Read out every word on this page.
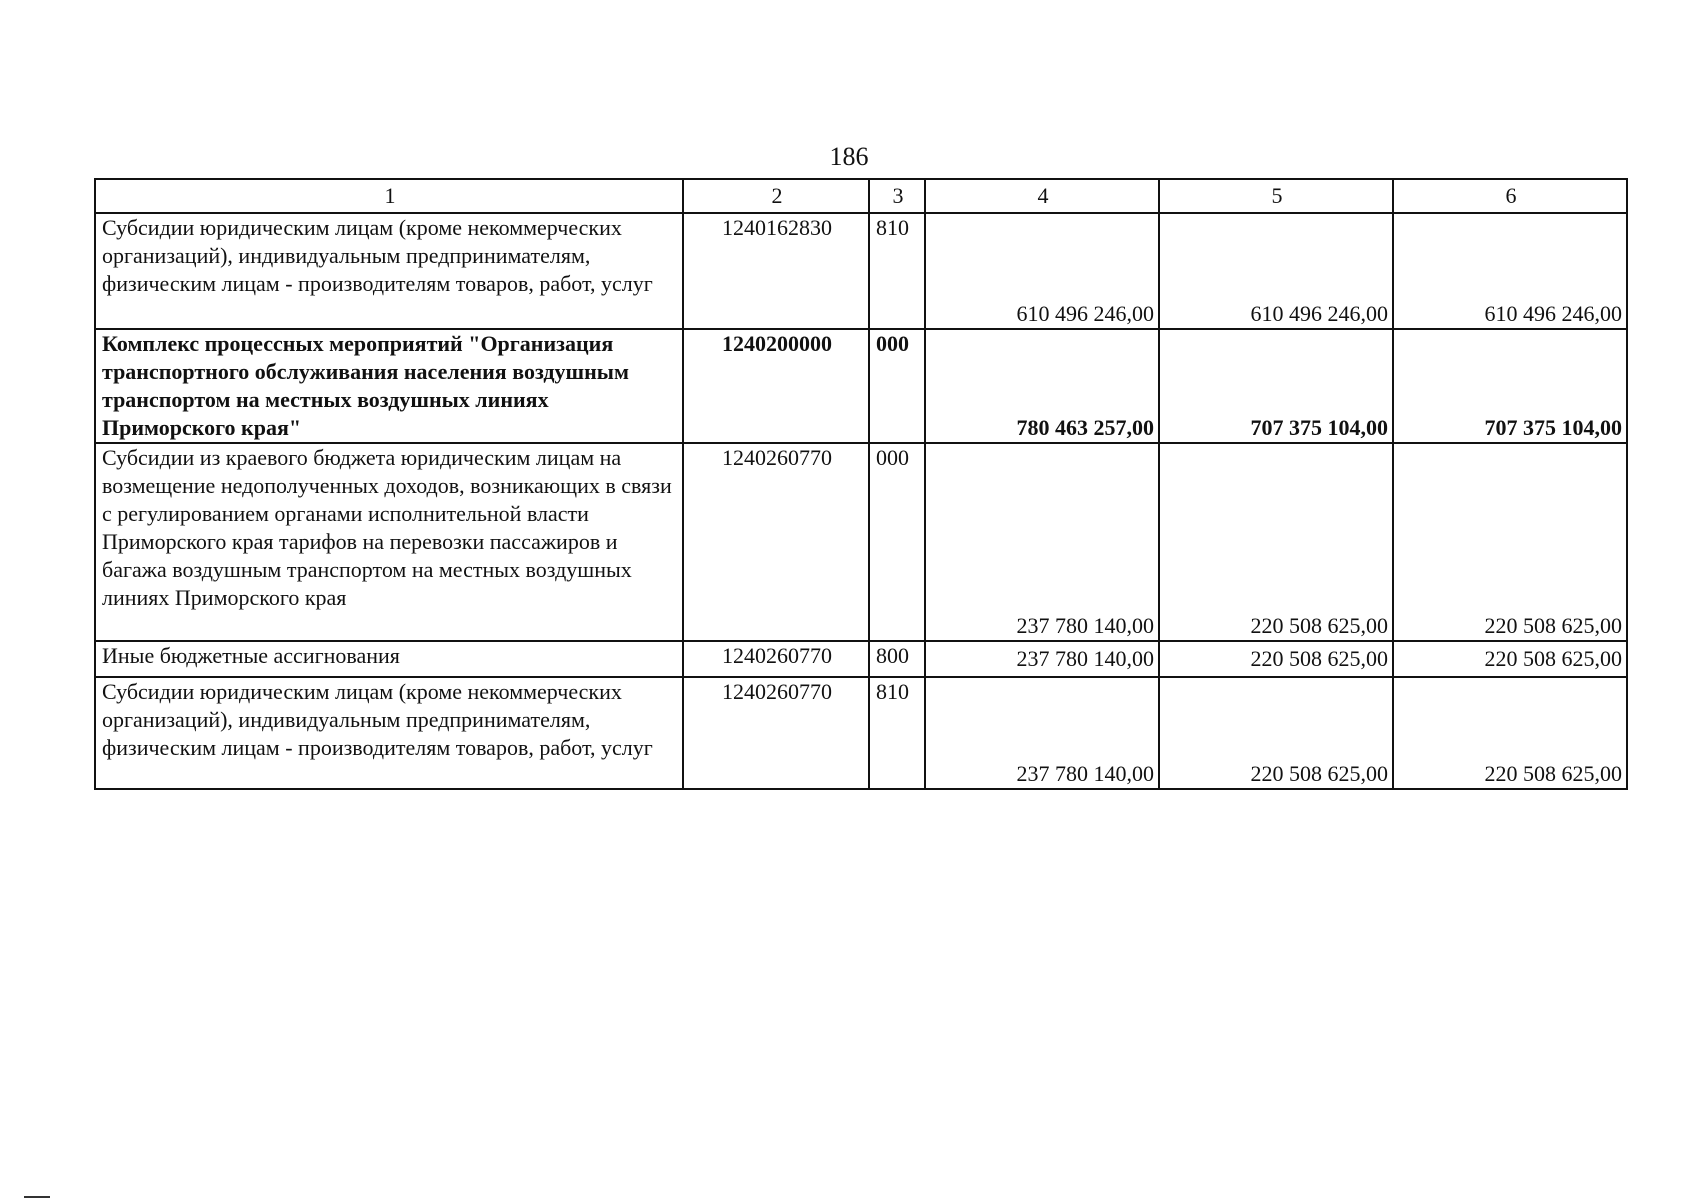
186
1	2	3	4	5	6
Субсидии юридическим лицам (кроме некоммерческих организаций), индивидуальным предпринимателям, физическим лицам - производителям товаров, работ, услуг	1240162830	810	610 496 246,00	610 496 246,00	610 496 246,00
Комплекс процессных мероприятий "Организация транспортного обслуживания населения воздушным транспортом на местных воздушных линиях Приморского края"	1240200000	000	780 463 257,00	707 375 104,00	707 375 104,00
Субсидии из краевого бюджета юридическим лицам на возмещение недополученных доходов, возникающих в связи с регулированием органами исполнительной власти Приморского края тарифов на перевозки пассажиров и багажа воздушным транспортом на местных воздушных линиях Приморского края	1240260770	000	237 780 140,00	220 508 625,00	220 508 625,00
Иные бюджетные ассигнования	1240260770	800	237 780 140,00	220 508 625,00	220 508 625,00
Субсидии юридическим лицам (кроме некоммерческих организаций), индивидуальным предпринимателям, физическим лицам - производителям товаров, работ, услуг	1240260770	810	237 780 140,00	220 508 625,00	220 508 625,00
